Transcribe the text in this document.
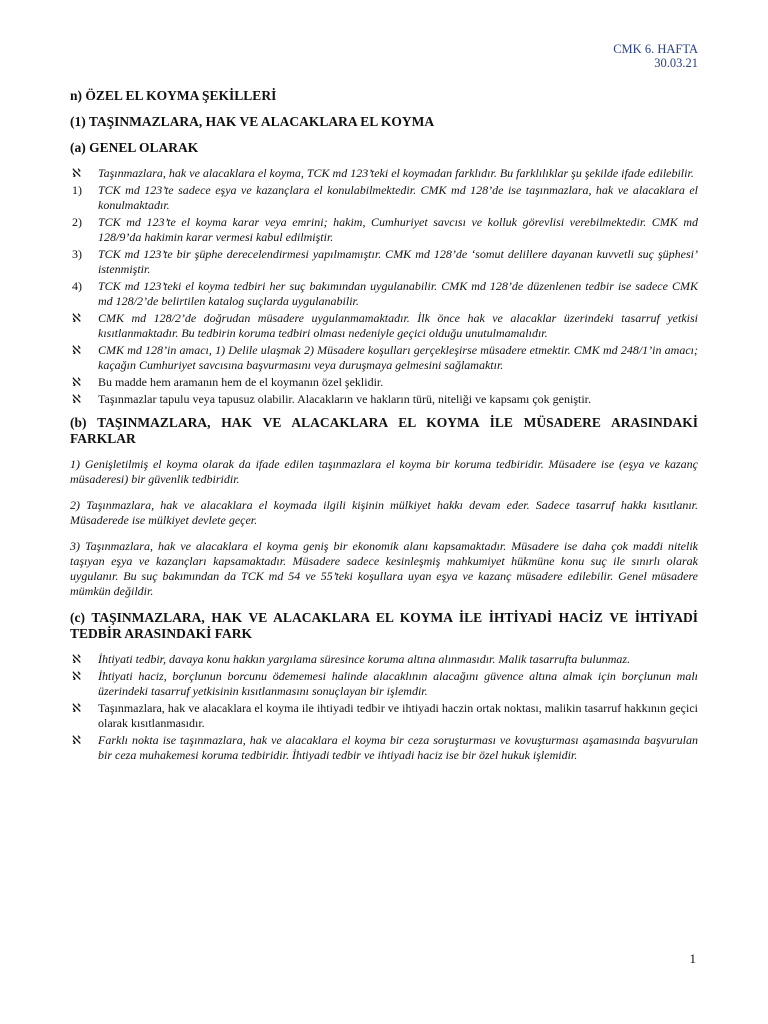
CMK 6. HAFTA
30.03.21
n) ÖZEL EL KOYMA ŞEKİLLERİ
(1) TAŞINMAZLARA, HAK VE ALACAKLARA EL KOYMA
(a) GENEL OLARAK
ℵ	Taşınmazlara, hak ve alacaklara el koyma, TCK md 123’teki el koymadan farklıdır. Bu farklılıklar şu şekilde ifade edilebilir.
1)	TCK md 123’te sadece eşya ve kazançlara el konulabilmektedir. CMK md 128’de ise taşınmazlara, hak ve alacaklara el konulmaktadır.
2)	TCK md 123’te el koyma karar veya emrini; hakim, Cumhuriyet savcısı ve kolluk görevlisi verebilmektedir. CMK md 128/9’da hakimin karar vermesi kabul edilmiştir.
3)	TCK md 123’te bir şüphe derecelendirmesi yapılmamıştır. CMK md 128’de ‘somut delillere dayanan kuvvetli suç şüphesi’ istenmiştir.
4)	TCK md 123’teki el koyma tedbiri her suç bakımından uygulanabilir. CMK md 128’de düzenlenen tedbir ise sadece CMK md 128/2’de belirtilen katalog suçlarda uygulanabilir.
ℵ	CMK md 128/2’de doğrudan müsadere uygulanmamaktadır. İlk önce hak ve alacaklar üzerindeki tasarruf yetkisi kısıtlanmaktadır. Bu tedbirin koruma tedbiri olması nedeniyle geçici olduğu unutulmamalıdır.
ℵ	CMK md 128’in amacı, 1) Delile ulaşmak 2) Müsadere koşulları gerçekleşirse müsadere etmektir. CMK md 248/1’in amacı; kaçağın Cumhuriyet savcısına başvurmasını veya duruşmaya gelmesini sağlamaktır.
ℵ	Bu madde hem aramanın hem de el koymanın özel şeklidir.
ℵ	Taşınmazlar tapulu veya tapusuz olabilir. Alacakların ve hakların türü, niteliği ve kapsamı çok geniştir.
(b) TAŞINMAZLARA, HAK VE ALACAKLARA EL KOYMA İLE MÜSADERE ARASINDAKİ FARKLAR

1) Genişletilmiş el koyma olarak da ifade edilen taşınmazlara el koyma bir koruma tedbiridir. Müsadere ise (eşya ve kazanç müsaderesi) bir güvenlik tedbiridir.

2) Taşınmazlara, hak ve alacaklara el koymada ilgili kişinin mülkiyet hakkı devam eder. Sadece tasarruf hakkı kısıtlanır. Müsaderede ise mülkiyet devlete geçer.

3) Taşınmazlara, hak ve alacaklara el koyma geniş bir ekonomik alanı kapsamaktadır. Müsadere ise daha çok maddi nitelik taşıyan eşya ve kazançları kapsamaktadır. Müsadere sadece kesinleşmiş mahkumiyet hükmüne konu suç ile sınırlı olarak uygulanır. Bu suç bakımından da TCK md 54 ve 55’teki koşullara uyan eşya ve kazanç müsadere edilebilir. Genel müsadere mümkün değildir.

(c) TAŞINMAZLARA, HAK VE ALACAKLARA EL KOYMA İLE İHTİYADİ HACİZ VE İHTİYADİ TEDBİR ARASINDAKİ FARK
ℵ	İhtiyati tedbir, davaya konu hakkın yargılama süresince koruma altına alınmasıdır. Malik tasarrufta bulunmaz.
ℵ	İhtiyati haciz, borçlunun borcunu ödememesi halinde alacaklının alacağını güvence altına almak için borçlunun malı üzerindeki tasarruf yetkisinin kısıtlanmasını sonuçlayan bir işlemdir.
ℵ	Taşınmazlara, hak ve alacaklara el koyma ile ihtiyadi tedbir ve ihtiyadi haczin ortak noktası, malikin tasarruf hakkının geçici olarak kısıtlanmasıdır.
ℵ	Farklı nokta ise taşınmazlara, hak ve alacaklara el koyma bir ceza soruşturması ve kovuşturması aşamasında başvurulan bir ceza muhakemesi koruma tedbiridir. İhtiyadi tedbir ve ihtiyadi haciz ise bir özel hukuk işlemidir.
1
